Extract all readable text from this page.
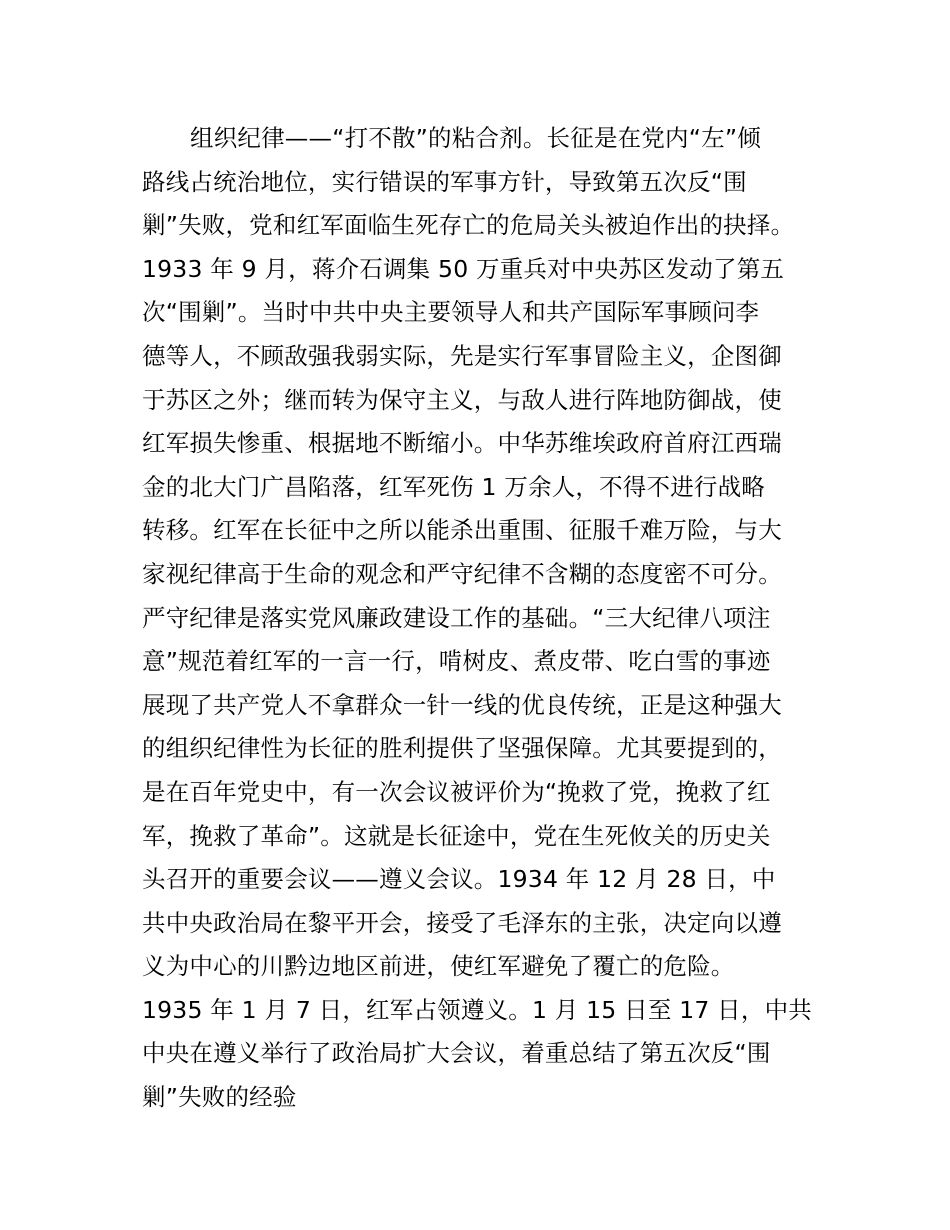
组织纪律——“打不散”的粘合剂。长征是在党内“左”倾
路线占统治地位，实行错误的军事方针，导致第五次反“围
剿”失败，党和红军面临生死存亡的危局关头被迫作出的抉择。
1933 年 9 月，蒋介石调集 50 万重兵对中央苏区发动了第五
次“围剿”。当时中共中央主要领导人和共产国际军事顾问李
德等人，不顾敌强我弱实际，先是实行军事冒险主义，企图御
于苏区之外；继而转为保守主义，与敌人进行阵地防御战，使
红军损失惨重、根据地不断缩小。中华苏维埃政府首府江西瑞
金的北大门广昌陷落，红军死伤 1 万余人，不得不进行战略
转移。红军在长征中之所以能杀出重围、征服千难万险，与大
家视纪律高于生命的观念和严守纪律不含糊的态度密不可分。
严守纪律是落实党风廉政建设工作的基础。“三大纪律八项注
意”规范着红军的一言一行，啃树皮、煮皮带、吃白雪的事迹
展现了共产党人不拿群众一针一线的优良传统，正是这种强大
的组织纪律性为长征的胜利提供了坚强保障。尤其要提到的，
是在百年党史中，有一次会议被评价为“挽救了党，挽救了红
军，挽救了革命”。这就是长征途中，党在生死攸关的历史关
头召开的重要会议——遵义会议。1934 年 12 月 28 日，中
共中央政治局在黎平开会，接受了毛泽东的主张，决定向以遵
义为中心的川黔边地区前进，使红军避免了覆亡的危险。
1935 年 1 月 7 日，红军占领遵义。1 月 15 日至 17 日，中共
中央在遵义举行了政治局扩大会议，着重总结了第五次反“围
剿”失败的经验
